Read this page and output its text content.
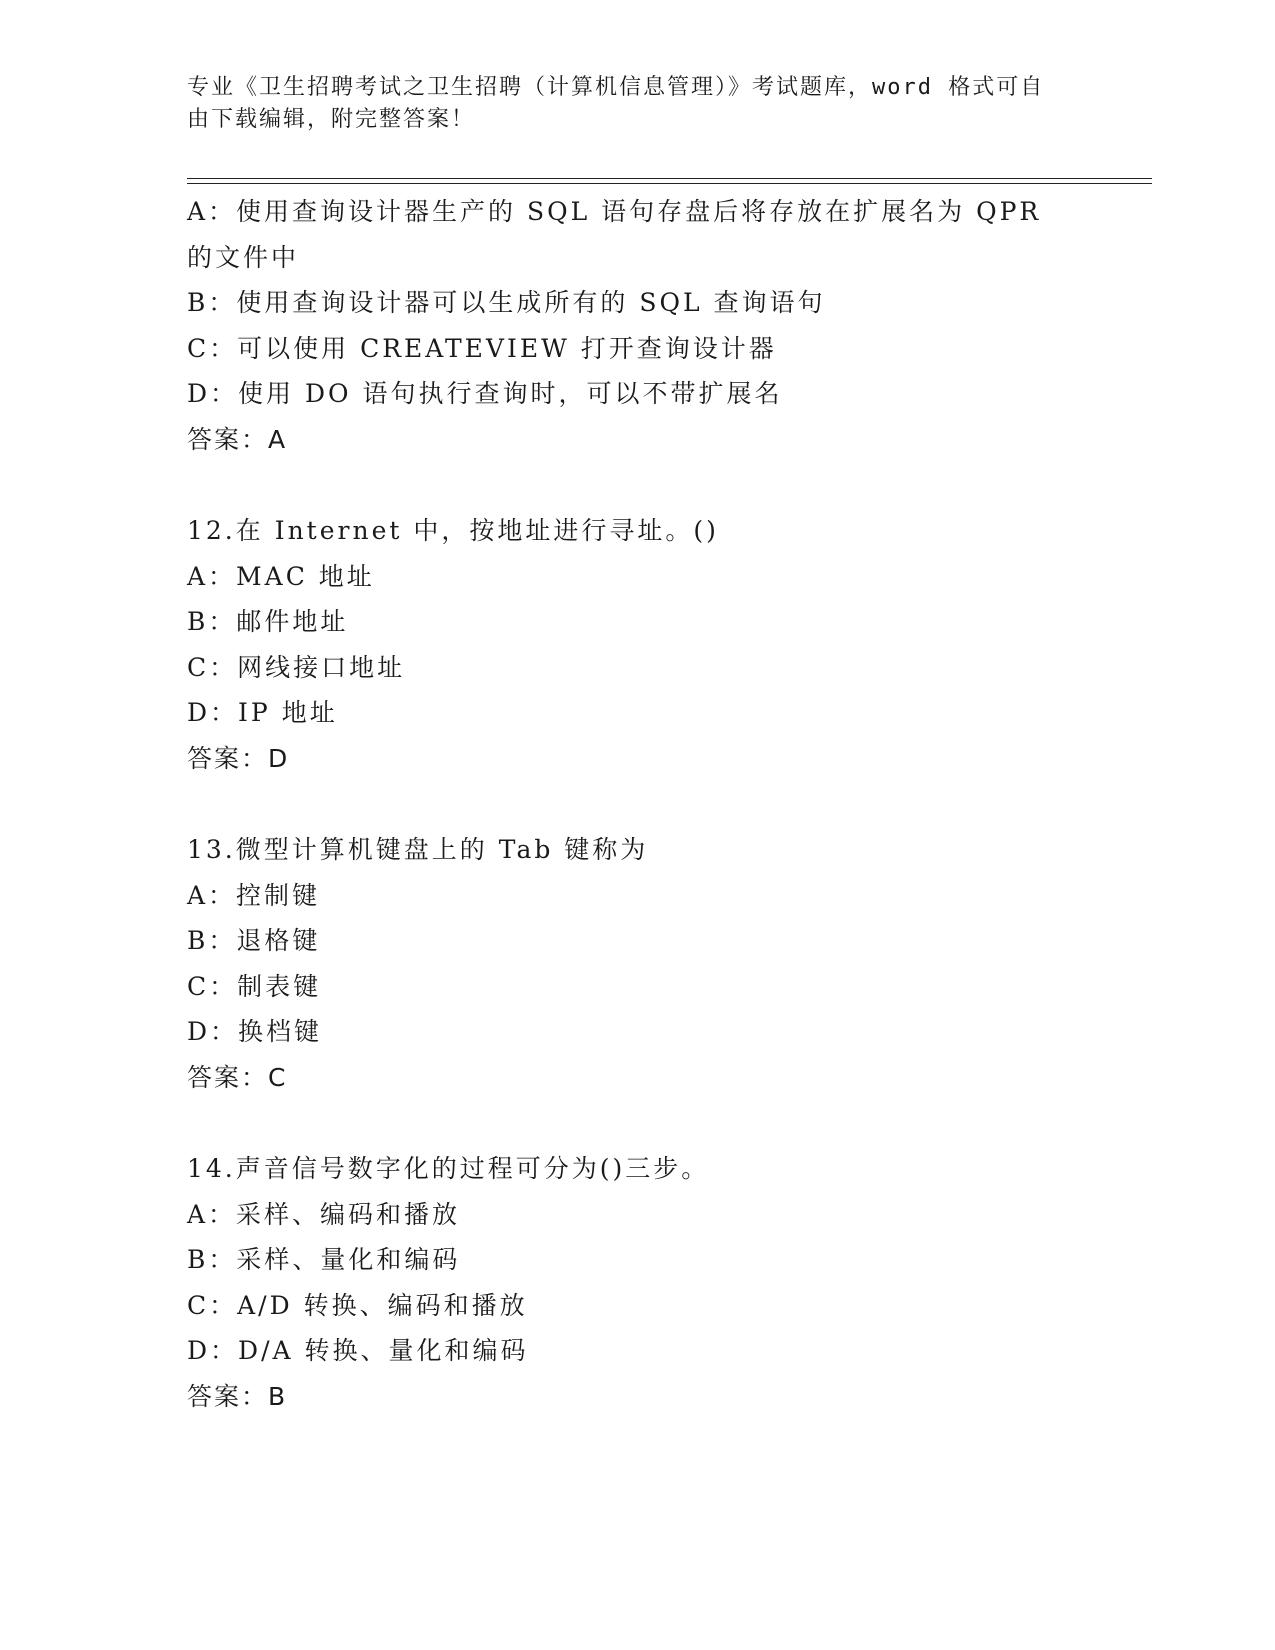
专业《卫生招聘考试之卫生招聘（计算机信息管理）》考试题库，word 格式可自
由下载编辑，附完整答案！
A：使用查询设计器生产的 SQL 语句存盘后将存放在扩展名为 QPR 的文件中
B：使用查询设计器可以生成所有的 SQL 查询语句
C：可以使用 CREATEVIEW 打开查询设计器
D：使用 DO 语句执行查询时，可以不带扩展名
答案：A
12.在 Internet 中，按地址进行寻址。()
A：MAC 地址
B：邮件地址
C：网线接口地址
D：IP 地址
答案：D
13.微型计算机键盘上的 Tab 键称为
A：控制键
B：退格键
C：制表键
D：换档键
答案：C
14.声音信号数字化的过程可分为()三步。
A：采样、编码和播放
B：采样、量化和编码
C：A/D 转换、编码和播放
D：D/A 转换、量化和编码
答案：B
